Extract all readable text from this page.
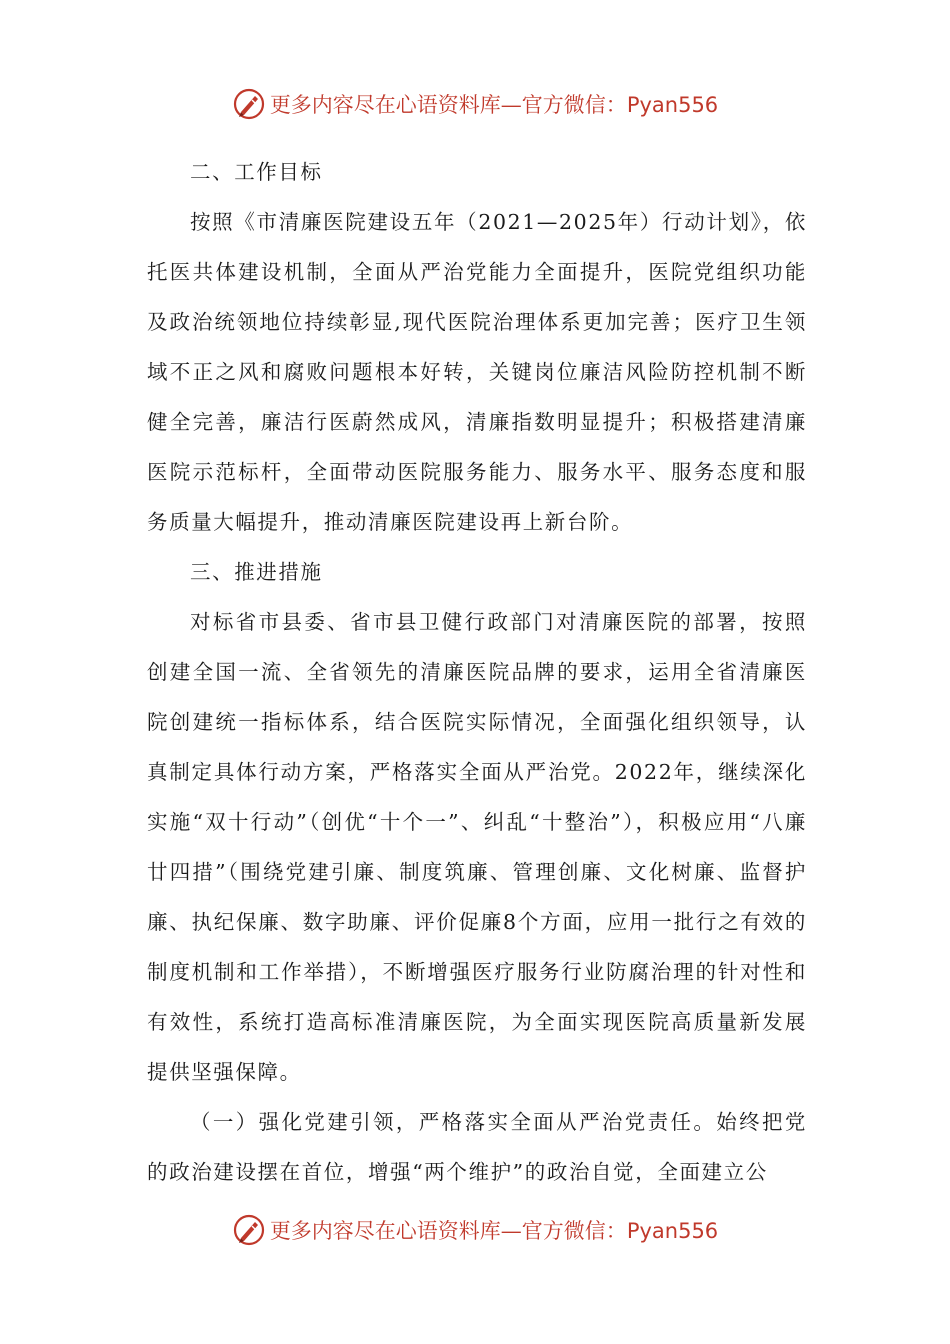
更多内容尽在心语资料库—官方微信：Pyan556

二、工作目标

按照《市清廉医院建设五年（2021—2025年）行动计划》，依托医共体建设机制，全面从严治党能力全面提升，医院党组织功能及政治统领地位持续彰显,现代医院治理体系更加完善；医疗卫生领域不正之风和腐败问题根本好转，关键岗位廉洁风险防控机制不断健全完善，廉洁行医蔚然成风，清廉指数明显提升；积极搭建清廉医院示范标杆，全面带动医院服务能力、服务水平、服务态度和服务质量大幅提升，推动清廉医院建设再上新台阶。

三、推进措施

对标省市县委、省市县卫健行政部门对清廉医院的部署，按照创建全国一流、全省领先的清廉医院品牌的要求，运用全省清廉医院创建统一指标体系，结合医院实际情况，全面强化组织领导，认真制定具体行动方案，严格落实全面从严治党。2022年，继续深化实施“双十行动”（创优“十个一”、纠乱“十整治”），积极应用“八廉廿四措”（围绕党建引廉、制度筑廉、管理创廉、文化树廉、监督护廉、执纪保廉、数字助廉、评价促廉8个方面，应用一批行之有效的制度机制和工作举措），不断增强医疗服务行业防腐治理的针对性和有效性，系统打造高标准清廉医院，为全面实现医院高质量新发展提供坚强保障。

（一）强化党建引领，严格落实全面从严治党责任。始终把党的政治建设摆在首位，增强“两个维护”的政治自觉，全面建立公

更多内容尽在心语资料库—官方微信：Pyan556
